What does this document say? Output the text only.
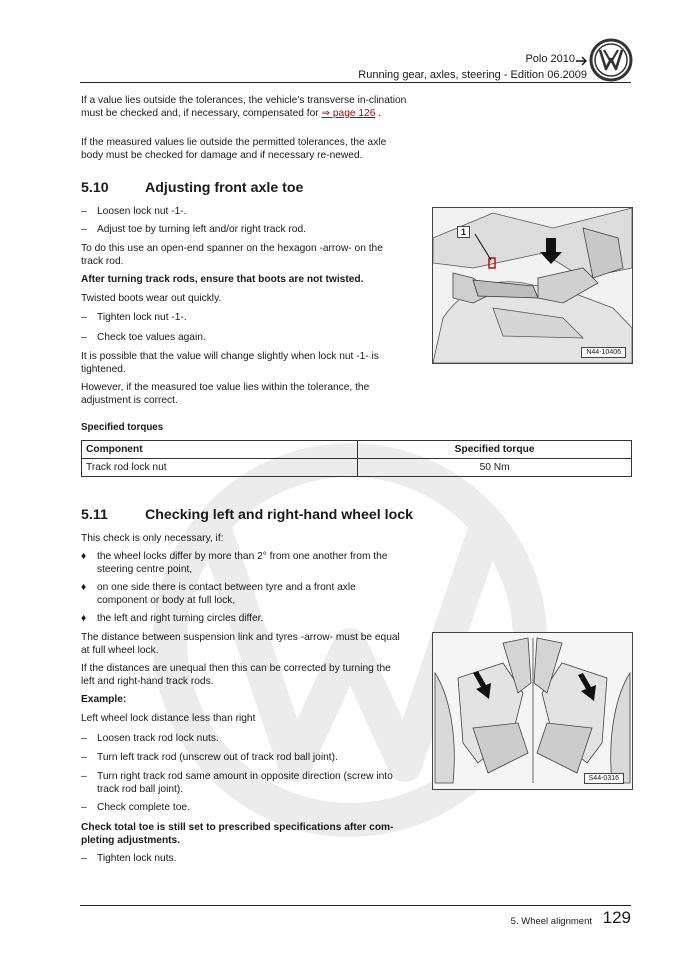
Polo 2010
Running gear, axles, steering - Edition 06.2009
If a value lies outside the tolerances, the vehicle's transverse in-clination must be checked and, if necessary, compensated for ⇒ page 126 .
If the measured values lie outside the permitted tolerances, the axle body must be checked for damage and if necessary re-newed.
5.10	Adjusting front axle toe
– Loosen lock nut -1-.
– Adjust toe by turning left and/or right track rod.
To do this use an open-end spanner on the hexagon -arrow- on the track rod.
After turning track rods, ensure that boots are not twisted.
Twisted boots wear out quickly.
– Tighten lock nut -1-.
– Check toe values again.
It is possible that the value will change slightly when lock nut -1- is tightened.
However, if the measured toe value lies within the tolerance, the adjustment is correct.
1
N44-10406
Specified torques
Component	Specified torque
Track rod lock nut	50 Nm
5.11	Checking left and right-hand wheel lock
This check is only necessary, if:
♦ the wheel locks differ by more than 2° from one another from the steering centre point,
♦ on one side there is contact between tyre and a front axle component or body at full lock,
♦ the left and right turning circles differ.
The distance between suspension link and tyres -arrow- must be equal at full wheel lock.
If the distances are unequal then this can be corrected by turning the left and right-hand track rods.
Example:
Left wheel lock distance less than right
– Loosen track rod lock nuts.
– Turn left track rod (unscrew out of track rod ball joint).
– Turn right track rod same amount in opposite direction (screw into track rod ball joint).
– Check complete toe.
Check total toe is still set to prescribed specifications after com-pleting adjustments.
– Tighten lock nuts.
S44-0316
5. Wheel alignment 129
